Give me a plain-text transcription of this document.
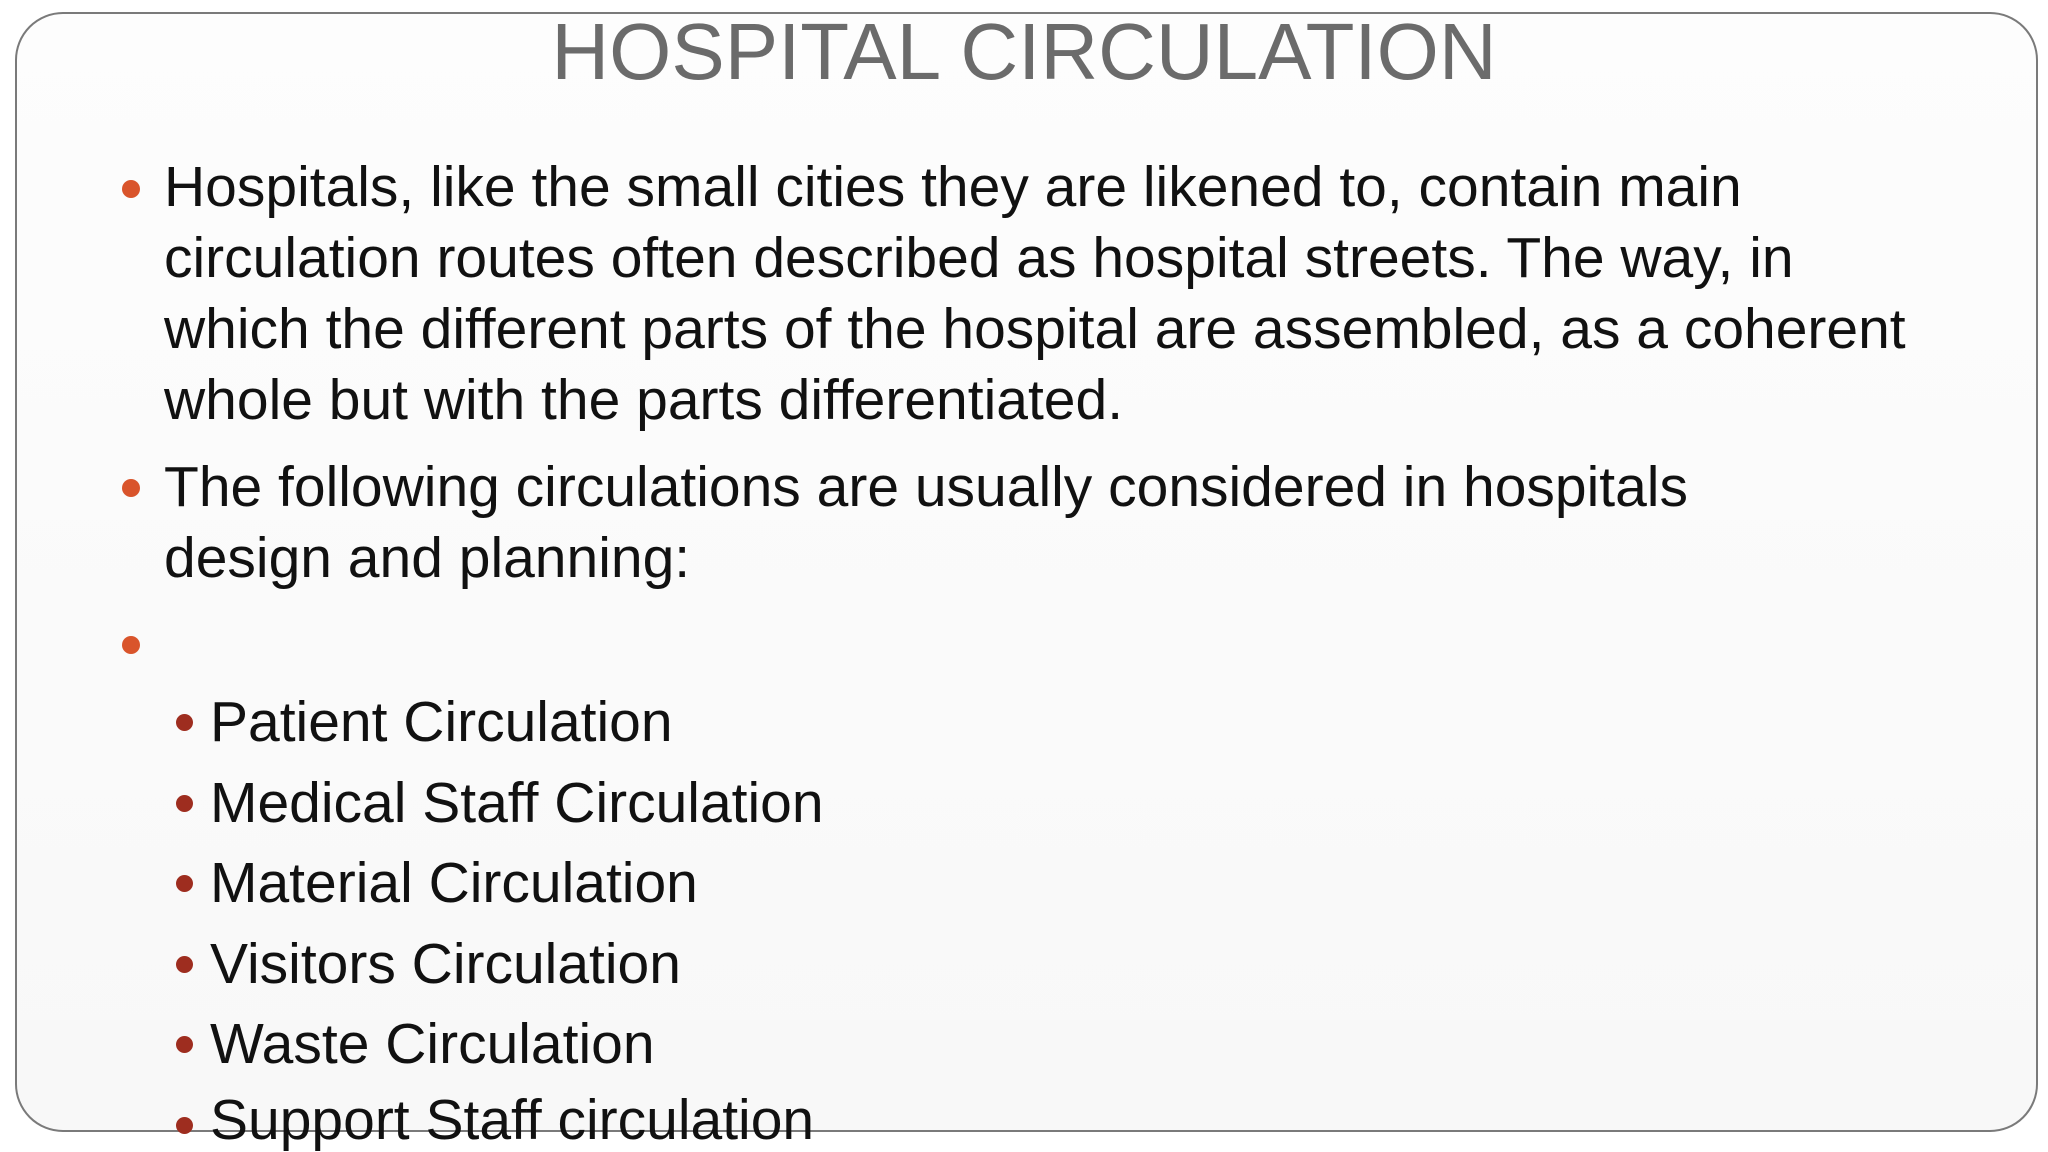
HOSPITAL CIRCULATION
Hospitals, like the small cities they are likened to, contain main circulation routes often described as hospital streets. The way, in which the different parts of the hospital are assembled, as a coherent whole but with the parts differentiated.
The following circulations are usually considered in hospitals design and planning:
Patient Circulation
Medical Staff Circulation
Material Circulation
Visitors Circulation
Waste Circulation
Support Staff circulation
